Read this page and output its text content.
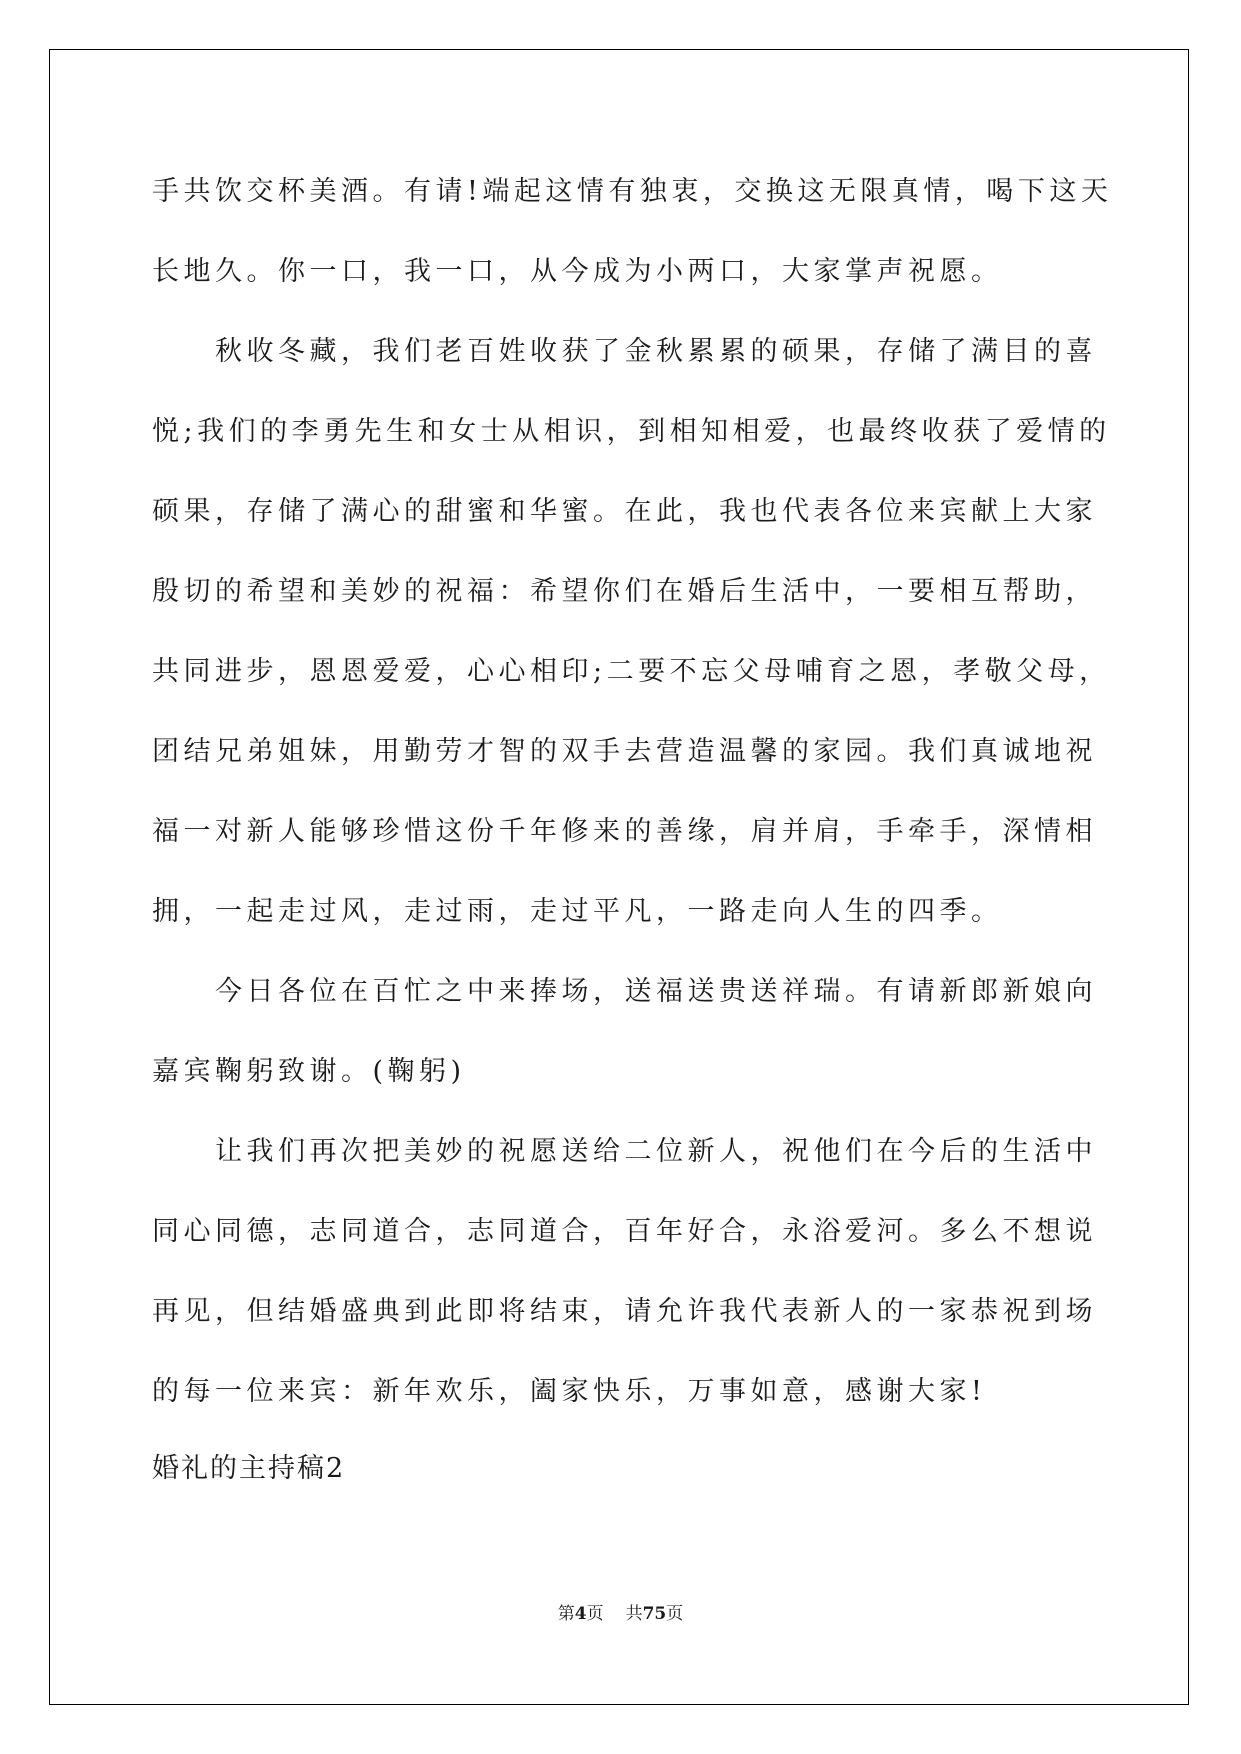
手共饮交杯美酒。有请!端起这情有独衷，交换这无限真情，喝下这天

长地久。你一口，我一口，从今成为小两口，大家掌声祝愿。

秋收冬藏，我们老百姓收获了金秋累累的硕果，存储了满目的喜

悦;我们的李勇先生和女士从相识，到相知相爱，也最终收获了爱情的

硕果，存储了满心的甜蜜和华蜜。在此，我也代表各位来宾献上大家

殷切的希望和美妙的祝福：希望你们在婚后生活中，一要相互帮助，

共同进步，恩恩爱爱，心心相印;二要不忘父母哺育之恩，孝敬父母，

团结兄弟姐妹，用勤劳才智的双手去营造温馨的家园。我们真诚地祝

福一对新人能够珍惜这份千年修来的善缘，肩并肩，手牵手，深情相

拥，一起走过风，走过雨，走过平凡，一路走向人生的四季。

今日各位在百忙之中来捧场，送福送贵送祥瑞。有请新郎新娘向

嘉宾鞠躬致谢。(鞠躬)

让我们再次把美妙的祝愿送给二位新人，祝他们在今后的生活中

同心同德，志同道合，志同道合，百年好合，永浴爱河。多么不想说

再见，但结婚盛典到此即将结束，请允许我代表新人的一家恭祝到场

的每一位来宾：新年欢乐，阖家快乐，万事如意，感谢大家!

婚礼的主持稿2
第4页 共75页
